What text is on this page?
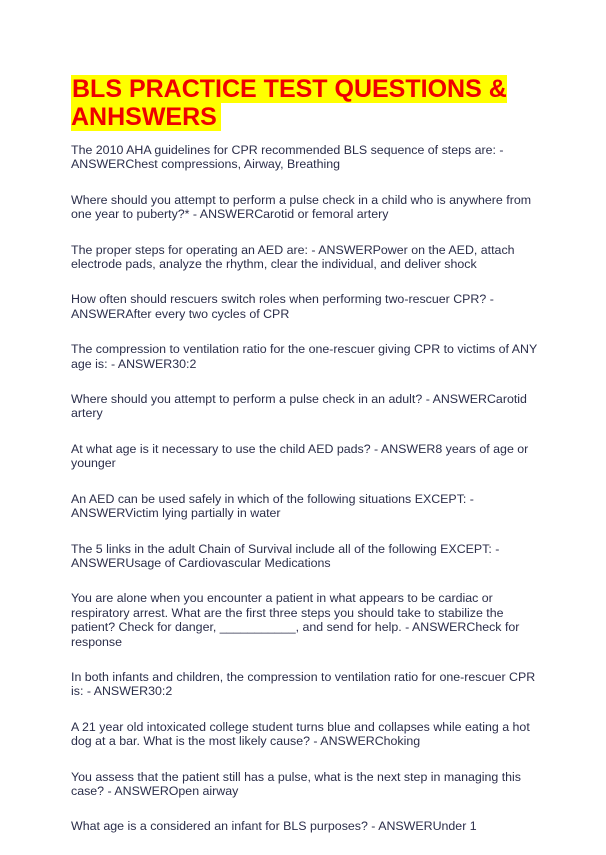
BLS PRACTICE TEST QUESTIONS & ANHSWERS
The 2010 AHA guidelines for CPR recommended BLS sequence of steps are: - ANSWERChest compressions, Airway, Breathing
Where should you attempt to perform a pulse check in a child who is anywhere from one year to puberty?* - ANSWERCarotid or femoral artery
The proper steps for operating an AED are: - ANSWERPower on the AED, attach electrode pads, analyze the rhythm, clear the individual, and deliver shock
How often should rescuers switch roles when performing two-rescuer CPR? - ANSWERAfter every two cycles of CPR
The compression to ventilation ratio for the one-rescuer giving CPR to victims of ANY age is: - ANSWER30:2
Where should you attempt to perform a pulse check in an adult? - ANSWERCarotid artery
At what age is it necessary to use the child AED pads? - ANSWER8 years of age or younger
An AED can be used safely in which of the following situations EXCEPT: - ANSWERVictim lying partially in water
The 5 links in the adult Chain of Survival include all of the following EXCEPT: - ANSWERUsage of Cardiovascular Medications
You are alone when you encounter a patient in what appears to be cardiac or respiratory arrest. What are the first three steps you should take to stabilize the patient? Check for danger, ___________, and send for help. - ANSWERCheck for response
In both infants and children, the compression to ventilation ratio for one-rescuer CPR is: - ANSWER30:2
A 21 year old intoxicated college student turns blue and collapses while eating a hot dog at a bar. What is the most likely cause? - ANSWERChoking
You assess that the patient still has a pulse, what is the next step in managing this case? - ANSWEROpen airway
What age is a considered an infant for BLS purposes? - ANSWERUnder 1
